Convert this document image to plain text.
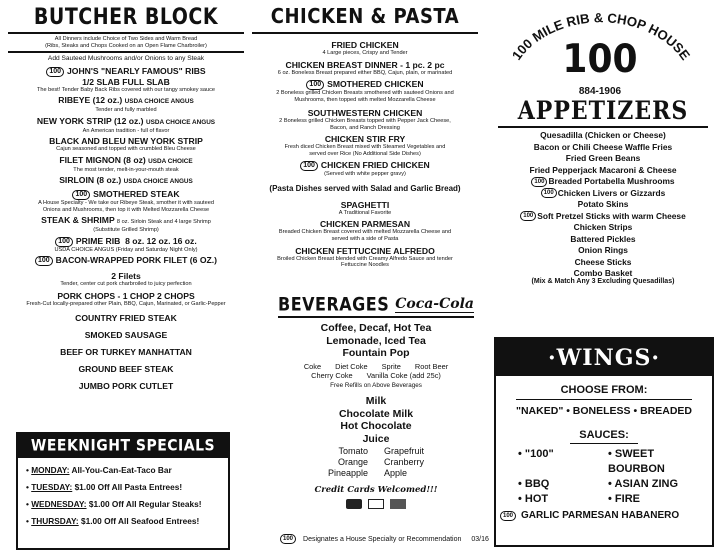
BUTCHER BLOCK
All Dinners include Choice of Two Sides and Warm Bread
(Ribs, Steaks and Chops Cooked on an Open Flame Charbroiler)
Add Sauteed Mushrooms and/or Onions to any Steak
100 JOHN'S "NEARLY FAMOUS" RIBS
1/2 SLAB FULL SLAB
The best! Tender Baby Back Ribs covered with our tangy smokey sauce
RIBEYE (12 oz.) USDA CHOICE ANGUS
Tender and fully marbled
NEW YORK STRIP (12 oz.) USDA CHOICE ANGUS
An American tradition - full of flavor
BLACK AND BLEU NEW YORK STRIP
Cajun seasoned and topped with crumbled Bleu Cheese
FILET MIGNON (8 oz) USDA CHOICE
The most tender, melt-in-your-mouth steak
SIRLOIN (8 oz.) USDA CHOICE ANGUS
100 SMOTHERED STEAK
A House Specialty - We take our Ribeye Steak, smother it with sauteed
Onions and Mushrooms, then top it with Melted Mozzarella Cheese
STEAK & SHRIMP 8 oz. Sirloin Steak and 4 large Shrimp
(Substitute Grilled Shrimp)
100 PRIME RIB 8 oz. 12 oz. 16 oz.
USDA CHOICE ANGUS (Friday and Saturday Night Only)
100 BACON-WRAPPED PORK FILET (6 OZ.)
2 Filets
Tender, center cut pork charbroiled to juicy perfection
PORK CHOPS - 1 CHOP 2 CHOPS
Fresh-Cut locally-prepared other Plain, BBQ, Cajun, Marinated, or Garlic-Pepper
COUNTRY FRIED STEAK
SMOKED SAUSAGE
BEEF OR TURKEY MANHATTAN
GROUND BEEF STEAK
JUMBO PORK CUTLET
WEEKNIGHT SPECIALS
• MONDAY: All-You-Can-Eat-Taco Bar
• TUESDAY: $1.00 Off All Pasta Entrees!
• WEDNESDAY: $1.00 Off All Regular Steaks!
• THURSDAY: $1.00 Off All Seafood Entrees!
CHICKEN & PASTA
FRIED CHICKEN
4 Large pieces, Crispy and Tender
CHICKEN BREAST DINNER - 1 pc. 2 pc
6 oz. Boneless Breast prepared either BBQ, Cajun, plain, or marinated
100 SMOTHERED CHICKEN
2 Boneless grilled Chicken Breasts smothered with sauteed Onions and
Mushrooms, then topped with melted Mozzarella Cheese
SOUTHWESTERN CHICKEN
2 Boneless grilled Chicken Breasts topped with Pepper Jack Cheese,
Bacon, and Ranch Dressing
CHICKEN STIR FRY
Fresh diced Chicken Breast mixed with Steamed Vegetables and
served over Rice (No Additional Side Dishes)
100 CHICKEN FRIED CHICKEN
(Served with white pepper gravy)
(Pasta Dishes served with Salad and Garlic Bread)
SPAGHETTI
A Traditional Favorite
CHICKEN PARMESAN
Breaded Chicken Breast covered with melted Mozzarella Cheese and
served with a side of Pasta
CHICKEN FETTUCCINE ALFREDO
Broiled Chicken Breast blended with Creamy Alfredo Sauce and tender
Fettuccine Noodles
BEVERAGES Coca-Cola
Coffee, Decaf, Hot Tea
Lemonade, Iced Tea
Fountain Pop
Coke Diet Coke Sprite Root Beer
Cherry Coke Vanilla Coke (add 25c)
Free Refills on Above Beverages
Milk
Chocolate Milk
Hot Chocolate
Juice
Tomato	Grapefruit
Orange	Cranberry
Pineapple	Apple
Credit Cards Welcomed!!!
100	Designates a House Specialty or Recommendation 03/16
100 MILE RIB & CHOP HOUSE
100
884-1906
APPETIZERS
Quesadilla (Chicken or Cheese)
Bacon or Chili Cheese Waffle Fries
Fried Green Beans
Fried Pepperjack Macaroni & Cheese
100 Breaded Portabella Mushrooms
100 Chicken Livers or Gizzards
Potato Skins
100 Soft Pretzel Sticks with warm Cheese
Chicken Strips
Battered Pickles
Onion Rings
Cheese Sticks
Combo Basket
(Mix & Match Any 3 Excluding Quesadillas)
·WINGS·
CHOOSE FROM:
"NAKED" • BONELESS • BREADED
SAUCES:
• "100"	• SWEET BOURBON
• BBQ	• ASIAN ZING
• HOT	• FIRE
100 GARLIC PARMESAN HABANERO
